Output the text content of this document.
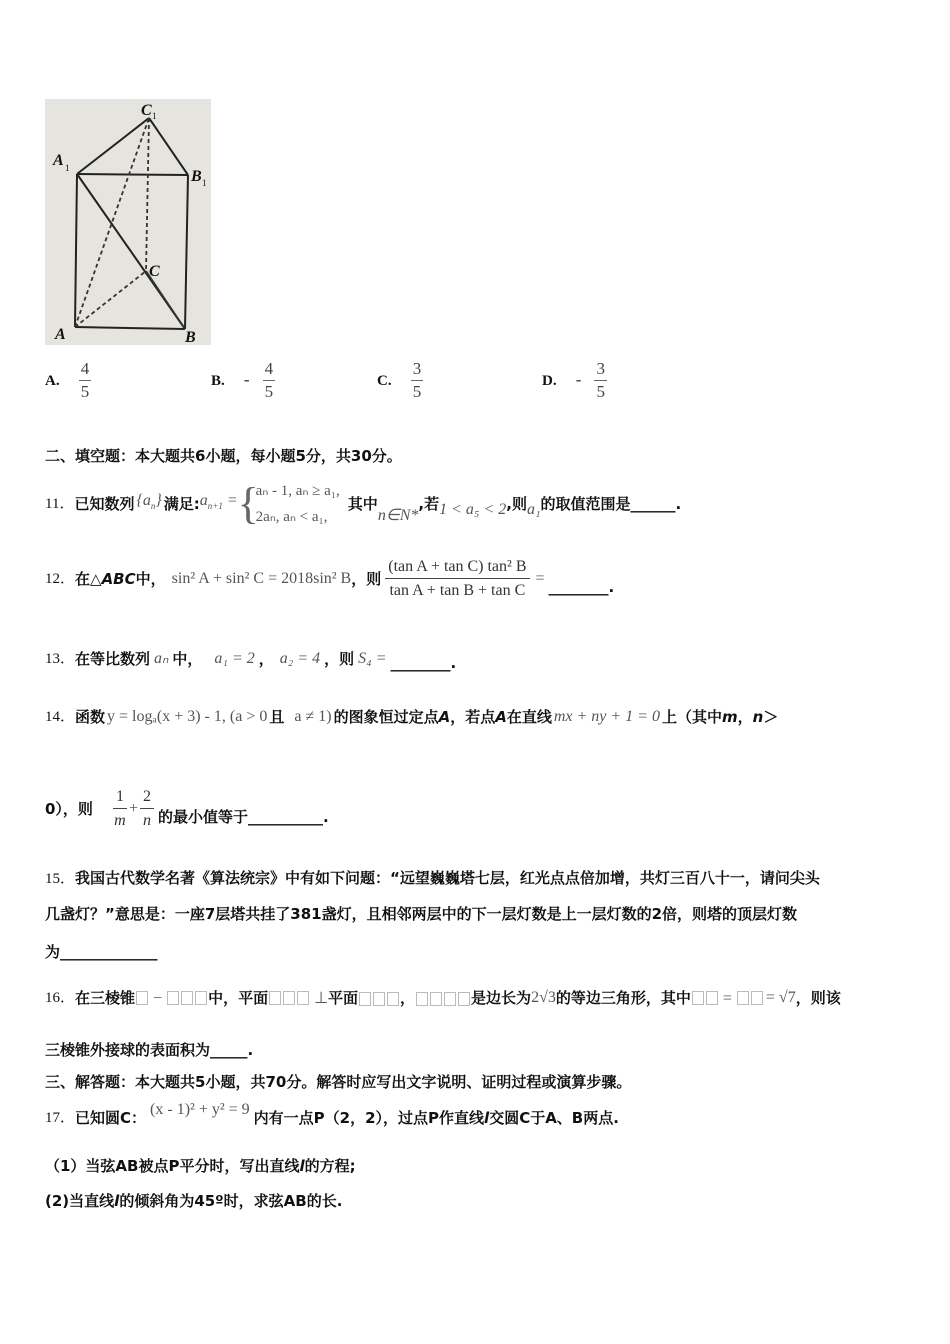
C 1
A 1	B 1
C
A	B
A. $\frac{4}{5}$	B. - $\frac{4}{5}$	C. $\frac{3}{5}$	D. - $\frac{3}{5}$
二、填空题：本大题共6小题，每小题5分，共30分。
11． 已知数列 $\{a_n\}$ 满足: $a_{n+1}$ = {
aₙ - 1, aₙ ≥ a₁,
2aₙ, aₙ < a₁,
其中
n∈N*
,若 1 < a₅ < 2 ,则 a₁ 的取值范围是______.
12． 在△ ABC 中， sin² A + sin² C = 2018sin² B ，则 $\frac{\text{(tan A + tan C) tan² B}}{\text{tan A + tan B + tan C}}$ = ________.
13． 在等比数列 aₙ 中， a₁ = 2 ， a₂ = 4 ，则 S₄ = ________.
14． 函数 y = logₐ(x + 3) - 1, (a > 0 且 a ≠ 1) 的图象恒过定点 A ，若点 A 在直线 mx + ny + 1 = 0 上（其中 m ， n ＞
0），则 $\frac{1}{m} + \frac{2}{n}$ 的最小值等于__________.
15．我国古代数学名著《算法统宗》中有如下问题：“远望巍巍塔七层，红光点点倍加增，共灯三百八十一，请问尖头
几盏灯？”意思是：一座7层塔共挂了381盏灯，且相邻两层中的下一层灯数是上一层灯数的2倍，则塔的顶层灯数
为_____________
16． 在三棱锥 −	中，平面	⊥ 平面	，	是边长为 2√3 的等边三角形，其中	=	= √7 ，则该
三棱锥外接球的表面积为_____.
三、解答题：本大题共5小题，共70分。解答时应写出文字说明、证明过程或演算步骤。
17． 已知圆C： (x - 1)² + y² = 9 内有一点P（2，2），过点P作直线 l 交圆C于A、B两点.
（1）当弦AB被点P平分时，写出直线l的方程;
(2)当直线l的倾斜角为45º时，求弦AB的长.
